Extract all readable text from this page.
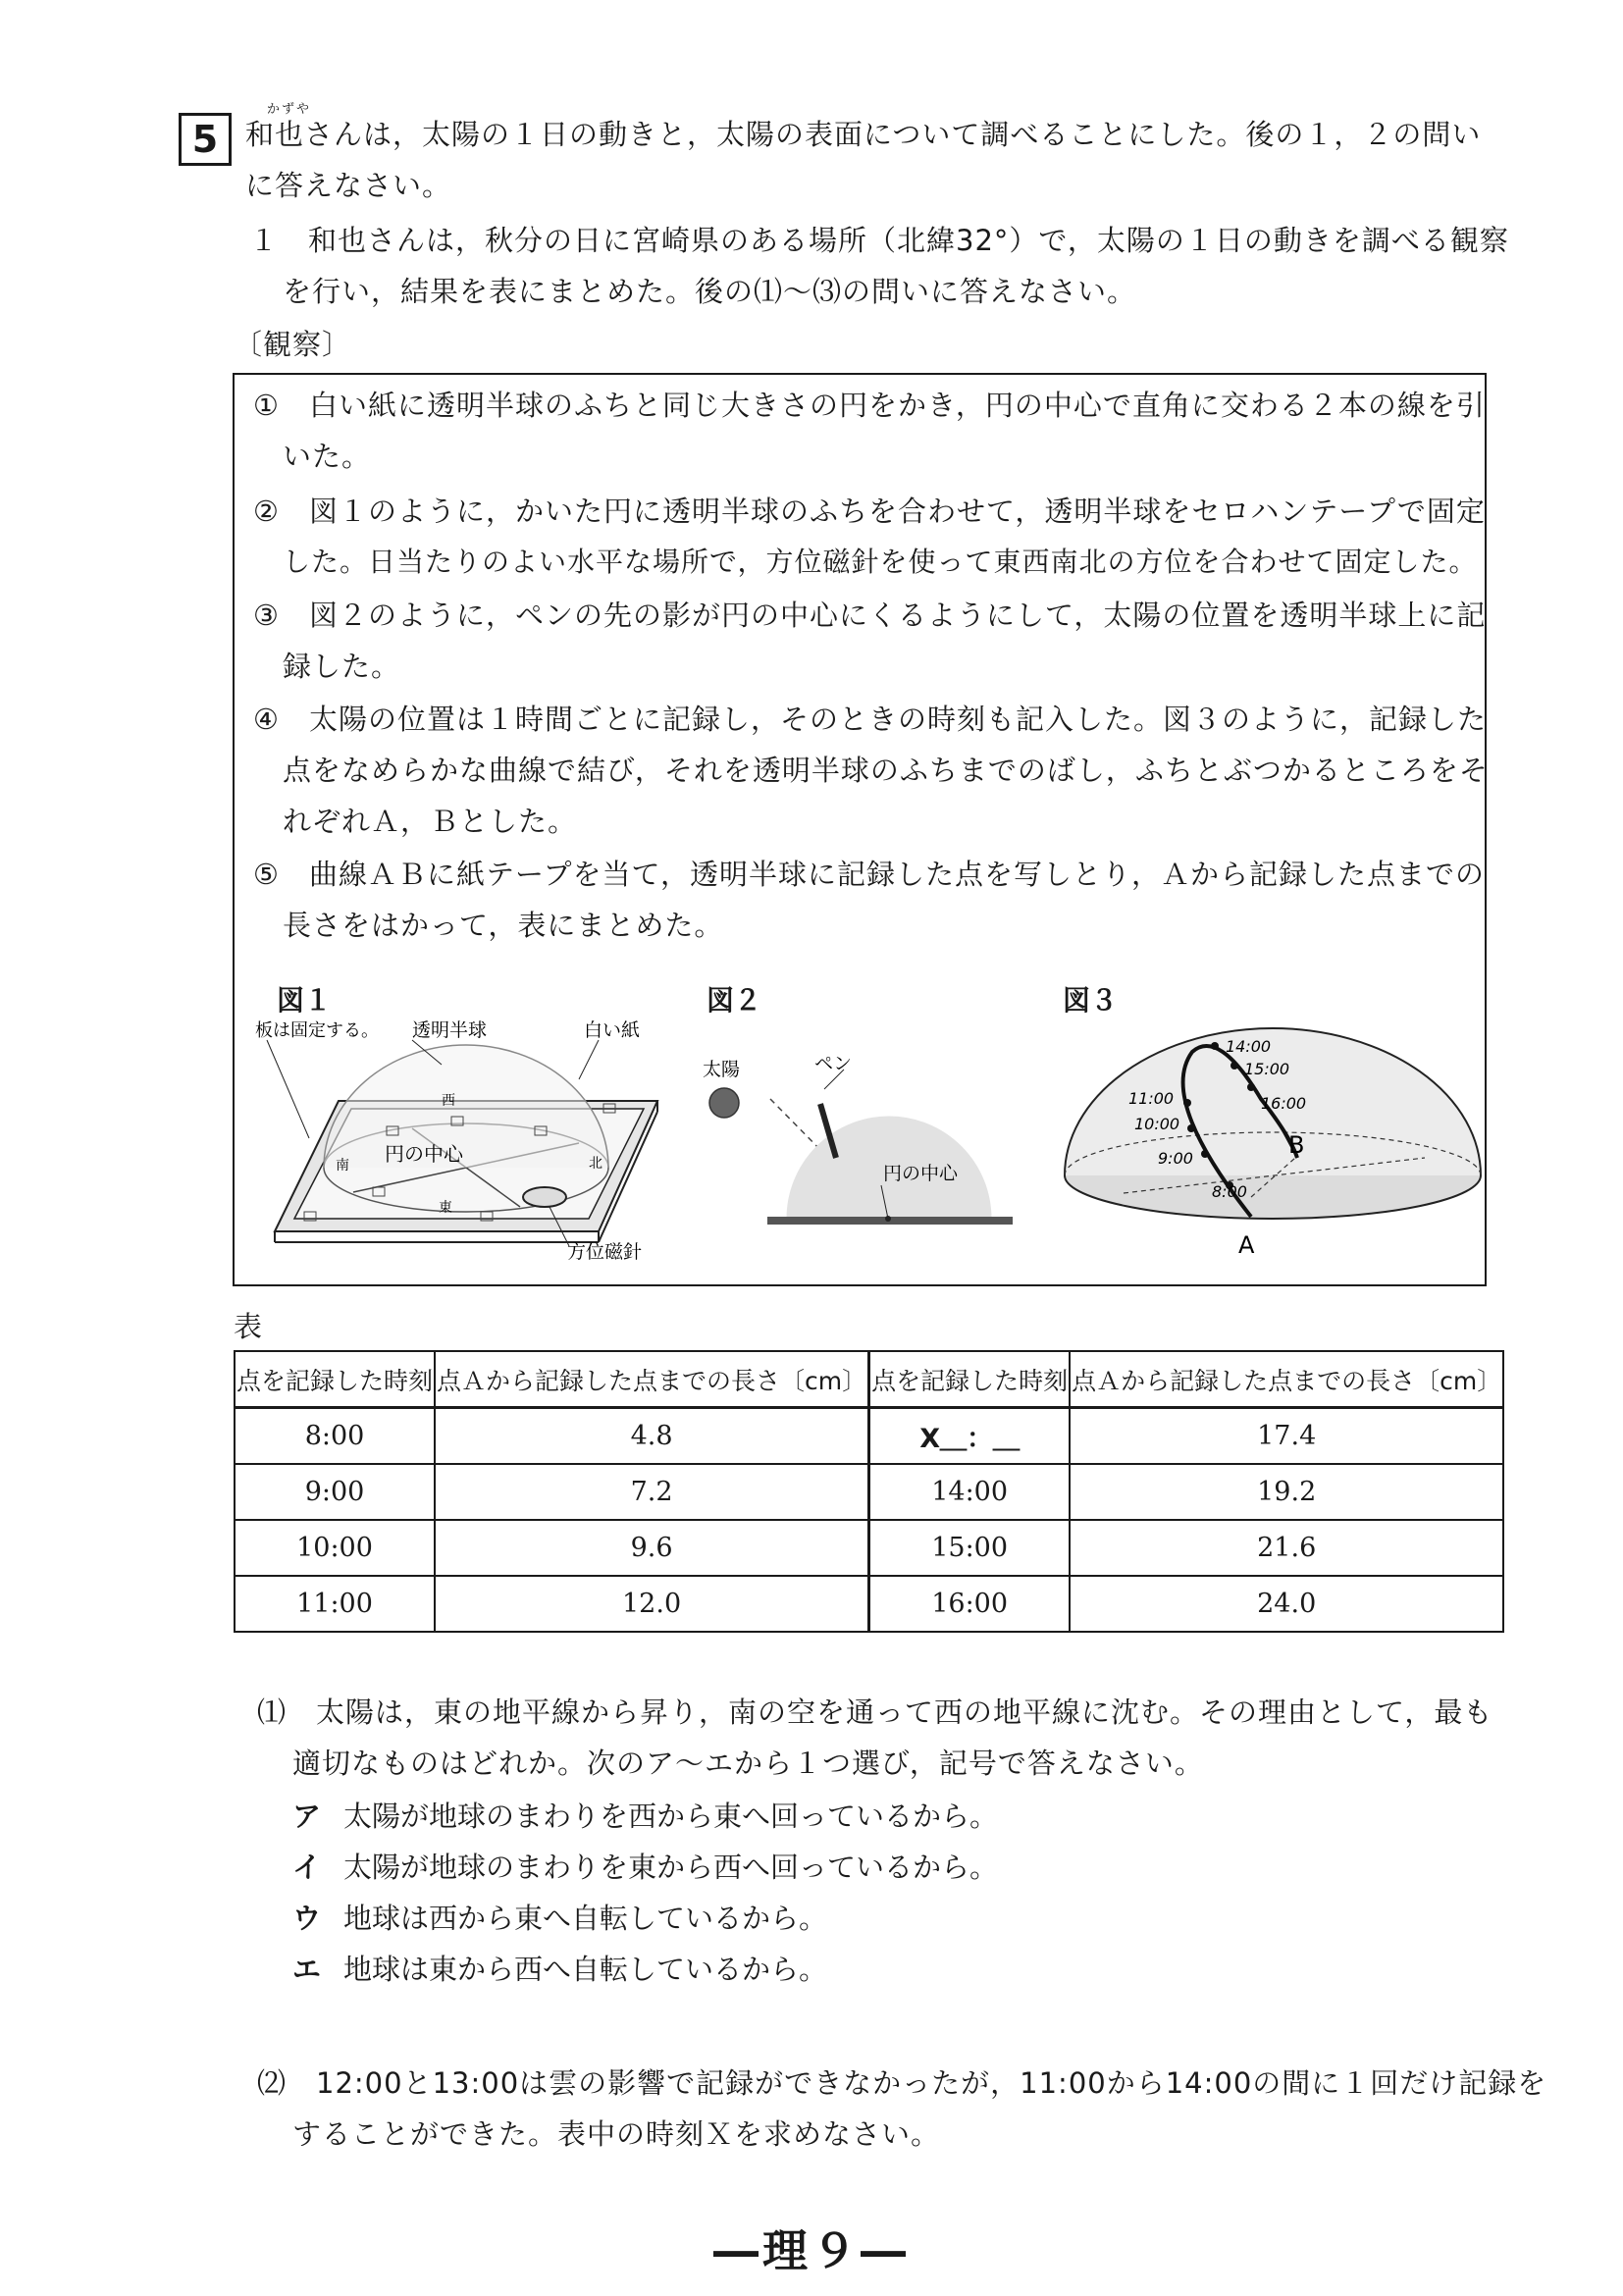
5
かずや
和也さんは，太陽の１日の動きと，太陽の表面について調べることにした。後の１，２の問い
に答えなさい。
１　和也さんは，秋分の日に宮崎県のある場所（北緯32°）で，太陽の１日の動きを調べる観察
を行い，結果を表にまとめた。後の⑴～⑶の問いに答えなさい。
〔観察〕
①　白い紙に透明半球のふちと同じ大きさの円をかき，円の中心で直角に交わる２本の線を引
いた。
②　図１のように，かいた円に透明半球のふちを合わせて，透明半球をセロハンテープで固定
した。日当たりのよい水平な場所で，方位磁針を使って東西南北の方位を合わせて固定した。
③　図２のように，ペンの先の影が円の中心にくるようにして，太陽の位置を透明半球上に記
録した。
④　太陽の位置は１時間ごとに記録し，そのときの時刻も記入した。図３のように，記録した
点をなめらかな曲線で結び，それを透明半球のふちまでのばし，ふちとぶつかるところをそ
れぞれＡ，Ｂとした。
⑤　曲線ＡＢに紙テープを当て，透明半球に記録した点を写しとり，Ａから記録した点までの
長さをはかって，表にまとめた。
図１	図２	図３
板は固定する。 透明半球	白い紙
円の中心
方位磁針
北
南
西
東
太陽	ペン
円の中心
8:00
9:00
10:00
11:00
14:00
15:00
16:00
A
B
表
点を記録した時刻	点Ａから記録した点までの長さ〔cm〕	点を記録した時刻	点Ａから記録した点までの長さ〔cm〕
8:00	4.8	X＿：＿	17.4
9:00	7.2	14:00	19.2
10:00	9.6	15:00	21.6
11:00	12.0	16:00	24.0
⑴　太陽は，東の地平線から昇り，南の空を通って西の地平線に沈む。その理由として，最も
適切なものはどれか。次のア～エから１つ選び，記号で答えなさい。
ア 太陽が地球のまわりを西から東へ回っているから。
イ 太陽が地球のまわりを東から西へ回っているから。
ウ 地球は西から東へ自転しているから。
エ 地球は東から西へ自転しているから。
⑵　12:00と13:00は雲の影響で記録ができなかったが，11:00から14:00の間に１回だけ記録を
することができた。表中の時刻Ｘを求めなさい。
―理９―
